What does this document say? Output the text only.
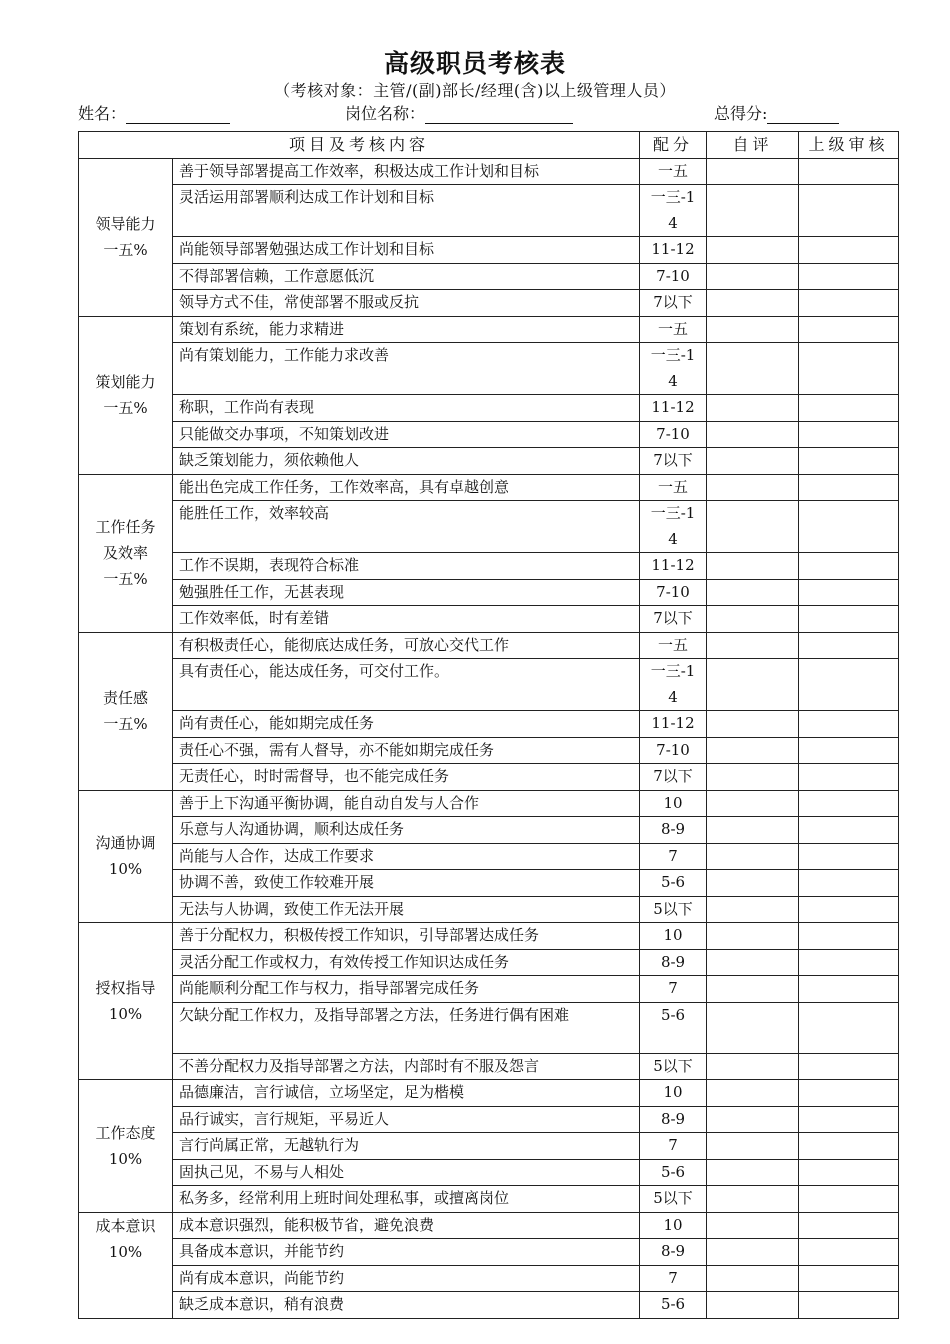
高级职员考核表
（考核对象：主管/(副)部长/经理(含)以上级管理人员）
姓名：	岗位名称：	总得分:
项目及考核内容		配分	自评	上级审核

领导能力
一五%	善于领导部署提高工作效率，积极达成工作计划和目标	一五		
	灵活运用部署顺利达成工作计划和目标	一三-14		
	尚能领导部署勉强达成工作计划和目标	11-12		
	不得部署信赖，工作意愿低沉	7-10		
	领导方式不佳，常使部署不服或反抗	7以下		

策划能力
一五%	策划有系统，能力求精进	一五		
	尚有策划能力，工作能力求改善	一三-14		
	称职，工作尚有表现	11-12		
	只能做交办事项，不知策划改进	7-10		
	缺乏策划能力，须依赖他人	7以下		

工作任务及效率
一五%	能出色完成工作任务，工作效率高，具有卓越创意	一五		
	能胜任工作，效率较高	一三-14		
	工作不误期，表现符合标准	11-12		
	勉强胜任工作，无甚表现	7-10		
	工作效率低，时有差错	7以下		

责任感
一五%	有积极责任心，能彻底达成任务，可放心交代工作	一五		
	具有责任心，能达成任务，可交付工作。	一三-14		
	尚有责任心，能如期完成任务	11-12		
	责任心不强，需有人督导，亦不能如期完成任务	7-10		
	无责任心，时时需督导，也不能完成任务	7以下		

沟通协调
10%	善于上下沟通平衡协调，能自动自发与人合作	10		
	乐意与人沟通协调，顺利达成任务	8-9		
	尚能与人合作，达成工作要求	7		
	协调不善，致使工作较难开展	5-6		
	无法与人协调，致使工作无法开展	5以下		

授权指导
10%	善于分配权力，积极传授工作知识，引导部署达成任务	10		
	灵活分配工作或权力，有效传授工作知识达成任务	8-9		
	尚能顺利分配工作与权力，指导部署完成任务	7		
	欠缺分配工作权力，及指导部署之方法，任务进行偶有困难	5-6		
	不善分配权力及指导部署之方法，内部时有不服及怨言	5以下		

工作态度
10%	品德廉洁，言行诚信，立场坚定，足为楷模	10		
	品行诚实，言行规矩，平易近人	8-9		
	言行尚属正常，无越轨行为	7		
	固执己见，不易与人相处	5-6		
	私务多，经常利用上班时间处理私事，或擅离岗位	5以下		

成本意识
10%	成本意识强烈，能积极节省，避免浪费	10		
	具备成本意识，并能节约	8-9		
	尚有成本意识，尚能节约	7		
	缺乏成本意识，稍有浪费	5-6		
